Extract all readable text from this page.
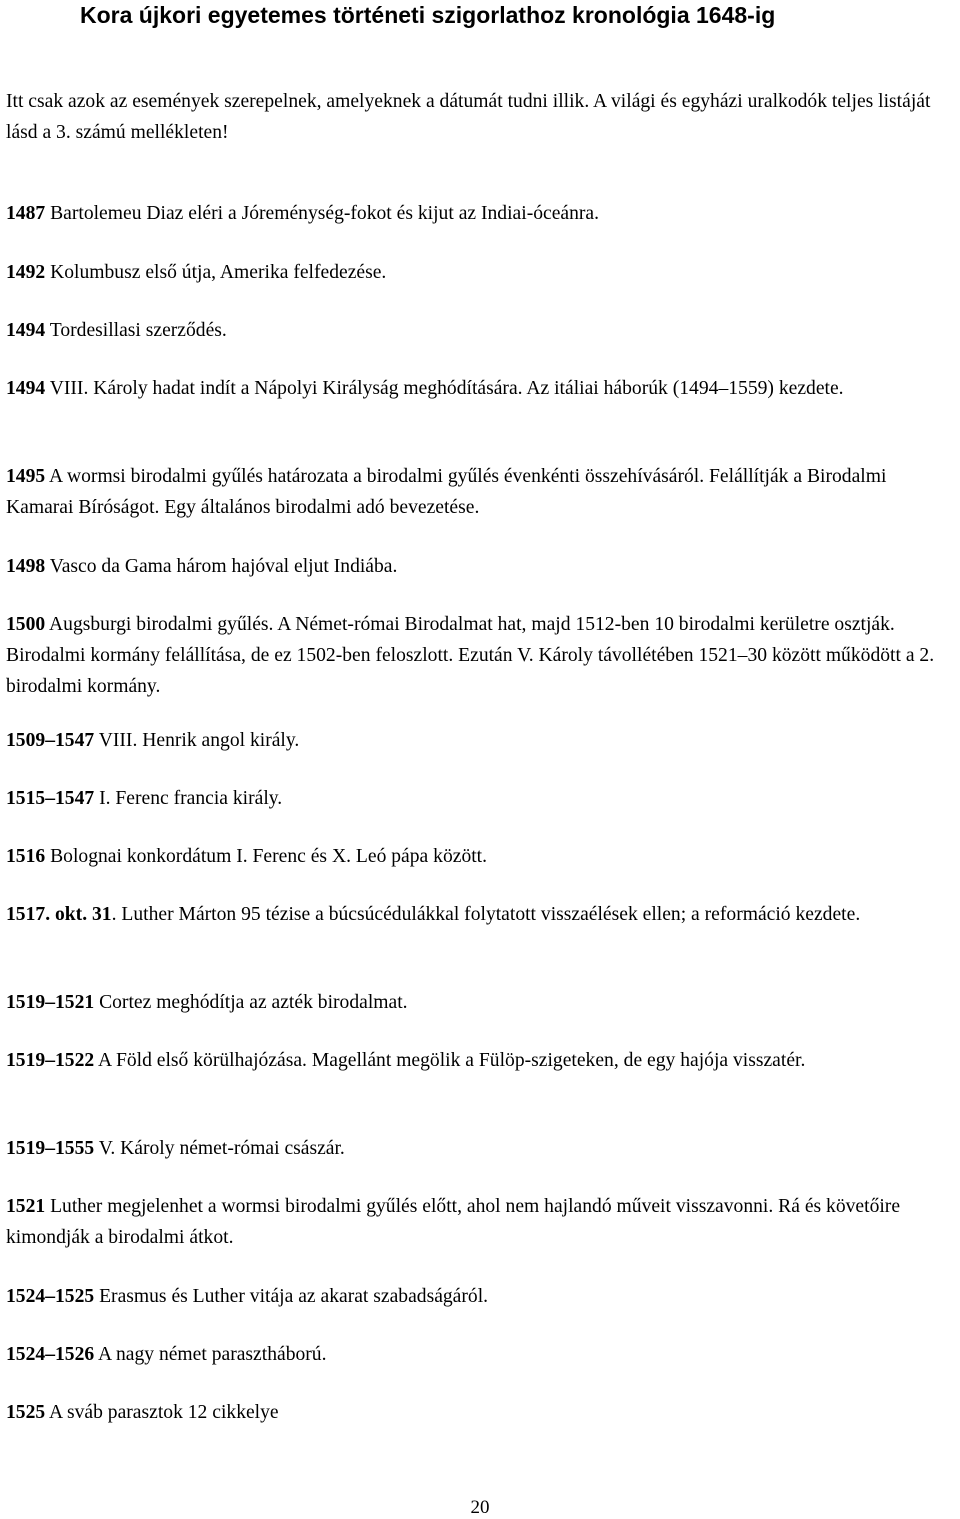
Kora újkori egyetemes történeti szigorlathoz kronológia 1648-ig
Itt csak azok az események szerepelnek, amelyeknek a dátumát tudni illik. A világi és egyházi uralkodók teljes listáját lásd a 3. számú mellékleten!
1487 Bartolemeu Diaz eléri a Jóreménység-fokot és kijut az Indiai-óceánra.
1492 Kolumbusz első útja, Amerika felfedezése.
1494 Tordesillasi szerződés.
1494 VIII. Károly hadat indít a Nápolyi Királyság meghódítására. Az itáliai háborúk (1494–1559) kezdete.
1495 A wormsi birodalmi gyűlés határozata a birodalmi gyűlés évenkénti összehívásáról. Felállítják a Birodalmi Kamarai Bíróságot. Egy általános birodalmi adó bevezetése.
1498 Vasco da Gama három hajóval eljut Indiába.
1500 Augsburgi birodalmi gyűlés. A Német-római Birodalmat hat, majd 1512-ben 10 birodalmi kerületre osztják. Birodalmi kormány felállítása, de ez 1502-ben feloszlott. Ezután V. Károly távollétében 1521–30 között működött a 2. birodalmi kormány.
1509–1547 VIII. Henrik angol király.
1515–1547 I. Ferenc francia király.
1516 Bolognai konkordátum I. Ferenc és X. Leó pápa között.
1517. okt. 31. Luther Márton 95 tézise a búcsúcédulákkal folytatott visszaélések ellen; a reformáció kezdete.
1519–1521 Cortez meghódítja az azték birodalmat.
1519–1522 A Föld első körülhajózása. Magellánt megölik a Fülöp-szigeteken, de egy hajója visszatér.
1519–1555 V. Károly német-római császár.
1521 Luther megjelenhet a wormsi birodalmi gyűlés előtt, ahol nem hajlandó műveit visszavonni. Rá és követőire kimondják a birodalmi átkot.
1524–1525 Erasmus és Luther vitája az akarat szabadságáról.
1524–1526 A nagy német parasztháború.
1525 A sváb parasztok 12 cikkelye
20
